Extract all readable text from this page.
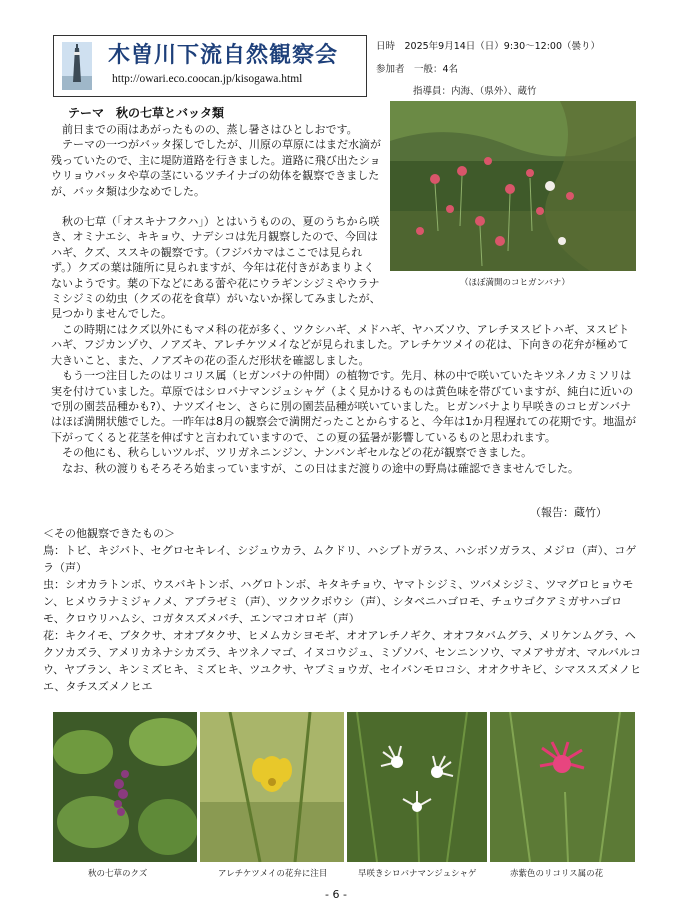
木曽川下流自然観察会
http://owari.eco.coocan.jp/kisogawa.html
日時　2025年9月14日（日）9:30～12:00（曇り）
参加者　一般：4名
指導員：内海、（県外）、蔵竹
（ほぼ満開のコヒガンバナ）
テーマ　秋の七草とバッタ類

前日までの雨はあがったものの、蒸し暑さはひとしおです。

テーマの一つがバッタ探しでしたが、川原の草原にはまだ水滴が残っていたので、主に堤防道路を行きました。道路に飛び出たショウリョウバッタや草の茎にいるツチイナゴの幼体を観察できましたが、バッタ類は少なめでした。

秋の七草（「オスキナフクハ」）とはいうものの、夏のうちから咲き、オミナエシ、キキョウ、ナデシコは先月観察したので、今回はハギ、クズ、ススキの観察です。（フジバカマはここでは見られず。）クズの葉は随所に見られますが、今年は花付きがあまりよくないようです。葉の下などにある蕾や花にウラギンシジミやウラナミシジミの幼虫（クズの花を食草）がいないか探してみましたが、見つかりませんでした。

この時期にはクズ以外にもマメ科の花が多く、ツクシハギ、メドハギ、ヤハズソウ、アレチヌスビトハギ、ヌスビトハギ、フジカンゾウ、ノアズキ、アレチケツメイなどが見られました。アレチケツメイの花は、下向きの花弁が極めて大きいこと、また、ノアズキの花の歪んだ形状を確認しました。

もう一つ注目したのはリコリス属（ヒガンバナの仲間）の植物です。先月、林の中で咲いていたキツネノカミソリは実を付けていました。草原ではシロバナマンジュシャゲ（よく見かけるものは黄色味を帯びていますが、純白に近いので別の園芸品種かも?）、ナツズイセン、さらに別の園芸品種が咲いていました。ヒガンバナより早咲きのコヒガンバナはほぼ満開状態でした。一昨年は8月の観察会で満開だったことからすると、今年は1か月程遅れての花期です。地温が下がってくると花茎を伸ばすと言われていますので、この夏の猛暑が影響しているものと思われます。

その他にも、秋らしいツルボ、ツリガネニンジン、ナンバンギセルなどの花が観察できました。

なお、秋の渡りもそろそろ始まっていますが、この日はまだ渡りの途中の野鳥は確認できませんでした。

（報告：蔵竹）
＜その他観察できたもの＞
鳥：トビ、キジバト、セグロセキレイ、シジュウカラ、ムクドリ、ハシブトガラス、ハシボソガラス、メジロ（声）、コゲラ（声）
虫：シオカラトンボ、ウスバキトンボ、ハグロトンボ、キタキチョウ、ヤマトシジミ、ツバメシジミ、ツマグロヒョウモン、ヒメウラナミジャノメ、アブラゼミ（声）、ツクツクボウシ（声）、シタベニハゴロモ、チュウゴクアミガサハゴロモ、クロウリハムシ、コガタスズメバチ、エンマコオロギ（声）
花：キクイモ、ブタクサ、オオブタクサ、ヒメムカシヨモギ、オオアレチノギク、オオフタバムグラ、メリケンムグラ、ヘクソカズラ、アメリカネナシカズラ、キツネノマゴ、イヌコウジュ、ミゾソバ、センニンソウ、マメアサガオ、マルバルコウ、ヤブラン、キンミズヒキ、ミズヒキ、ツユクサ、ヤブミョウガ、セイバンモロコシ、オオクサキビ、シマススズメノヒエ、タチスズメノヒエ
秋の七草のクズ	アレチケツメイの花弁に注目	早咲きシロバナマンジュシャゲ	赤紫色のリコリス属の花
- 6 -
